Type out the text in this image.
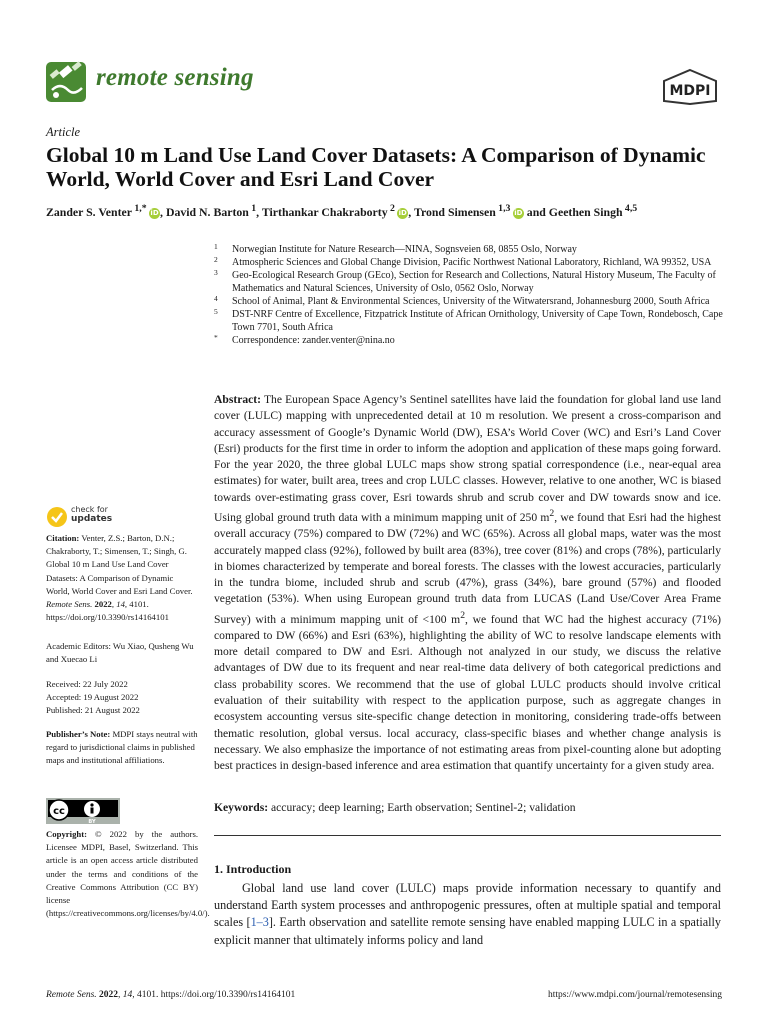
remote sensing	MDPI
Article
Global 10 m Land Use Land Cover Datasets: A Comparison of Dynamic World, World Cover and Esri Land Cover
Zander S. Venter  $^{1,*}$  iD, David N. Barton  $^1$, Tirthankar Chakraborty  $^2$  iD, Trond Simensen  $^{1,3}$  iD and Geethen Singh  $^{4,5}$

1 Norwegian Institute for Nature Research—NINA, Sognsveien 68, 0855 Oslo, Norway

2 Atmospheric Sciences and Global Change Division, Pacific Northwest National Laboratory, Richland, WA 99352, USA

3 Geo-Ecological Research Group (GEco), Section for Research and Collections, Natural History Museum, The Faculty of Mathematics and Natural Sciences, University of Oslo, 0562 Oslo, Norway

4 School of Animal, Plant & Environmental Sciences, University of the Witwatersrand, Johannesburg 2000, South Africa

5 DST-NRF Centre of Excellence, Fitzpatrick Institute of African Ornithology, University of Cape Town, Rondebosch, Cape Town 7701, South Africa

* Correspondence: zander.venter@nina.no

Abstract: The European Space Agency’s Sentinel satellites have laid the foundation for global land use land cover (LULC) mapping with unprecedented detail at 10 m resolution. We present a cross-comparison and accuracy assessment of Google’s Dynamic World (DW), ESA’s World Cover (WC) and Esri’s Land Cover (Esri) products for the first time in order to inform the adoption and application of these maps going forward. For the year 2020, the three global LULC maps show strong spatial correspondence (i.e., near-equal area estimates) for water, built area, trees and crop LULC classes. However, relative to one another, WC is biased towards over-estimating grass cover, Esri towards shrub and scrub cover and DW towards snow and ice. Using global ground truth data with a minimum mapping unit of 250 $m^2$, we found that Esri had the highest overall accuracy (75%) compared to DW (72%) and WC (65%). Across all global maps, water was the most accurately mapped class (92%), followed by built area (83%), tree cover (81%) and crops (78%), particularly in biomes characterized by temperate and boreal forests. The classes with the lowest accuracies, particularly in the tundra biome, included shrub and scrub (47%), grass (34%), bare ground (57%) and flooded vegetation (53%). When using European ground truth data from LUCAS (Land Use/Cover Area Frame Survey) with a minimum mapping unit of <100 $m^2$, we found that WC had the highest accuracy (71%) compared to DW (66%) and Esri (63%), highlighting the ability of WC to resolve landscape elements with more detail compared to DW and Esri. Although not analyzed in our study, we discuss the relative advantages of DW due to its frequent and near real-time data delivery of both categorical predictions and class probability scores. We recommend that the use of global LULC products should involve critical evaluation of their suitability with respect to the application purpose, such as aggregate changes in ecosystem accounting versus site-specific change detection in monitoring, considering trade-offs between thematic resolution, global versus. local accuracy, class-specific biases and whether change analysis is necessary. We also emphasize the importance of not estimating areas from pixel-counting alone but adopting best practices in design-based inference and area estimation that quantify uncertainty for a given study area.
Keywords: accuracy; deep learning; Earth observation; Sentinel-2; validation
1. Introduction
Global land use land cover (LULC) maps provide information necessary to quantify and understand Earth system processes and anthropogenic pressures, often at multiple spatial and temporal scales [1–3]. Earth observation and satellite remote sensing have enabled mapping LULC in a spatially explicit manner that ultimately informs policy and land
check for
updates
Citation: Venter, Z.S.; Barton, D.N.; Chakraborty, T.; Simensen, T.; Singh, G. Global 10 m Land Use Land Cover Datasets: A Comparison of Dynamic World, World Cover and Esri Land Cover. Remote Sens. 2022, 14, 4101. https://doi.org/10.3390/rs14164101
Academic Editors: Wu Xiao, Qusheng Wu and Xuecao Li
Received: 22 July 2022
Accepted: 19 August 2022
Published: 21 August 2022
Publisher’s Note: MDPI stays neutral with regard to jurisdictional claims in published maps and institutional affiliations.
cc
BY
Copyright: © 2022 by the authors. Licensee MDPI, Basel, Switzerland. This article is an open access article distributed under the terms and conditions of the Creative Commons Attribution (CC BY) license (https://creativecommons.org/licenses/by/4.0/).
Remote Sens. 2022, 14, 4101. https://doi.org/10.3390/rs14164101	https://www.mdpi.com/journal/remotesensing
